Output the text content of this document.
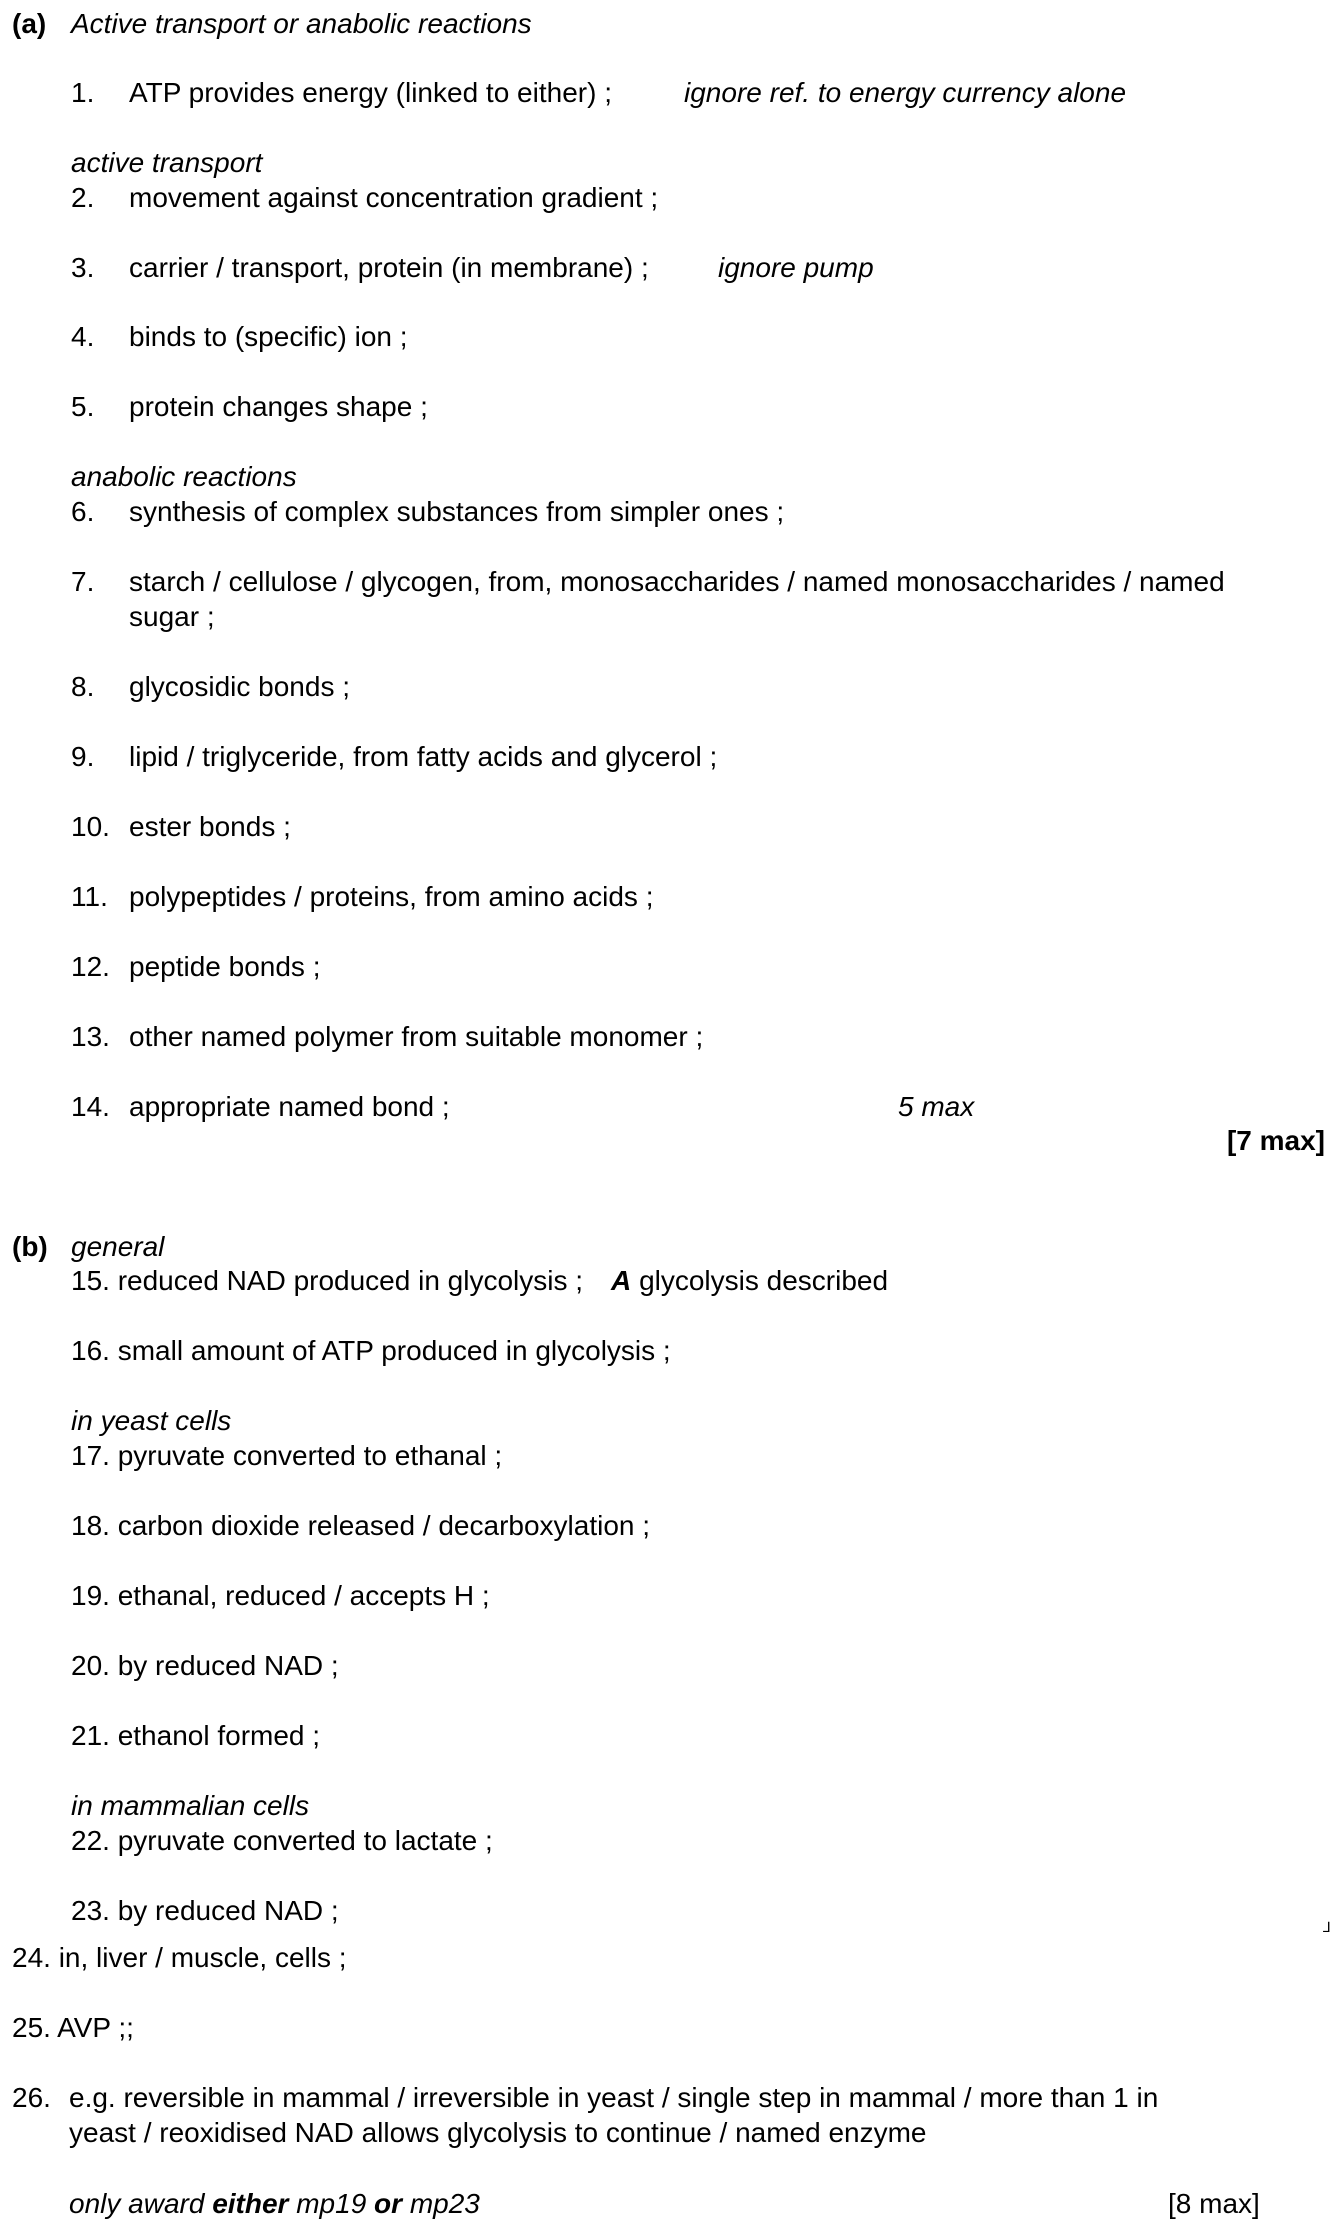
(a) Active transport or anabolic reactions
1. ATP provides energy (linked to either) ;	ignore ref. to energy currency alone
active transport
2. movement against concentration gradient ;
3. carrier / transport, protein (in membrane) ; ignore pump
4. binds to (specific) ion ;
5. protein changes shape ;
anabolic reactions
6. synthesis of complex substances from simpler ones ;
7. starch / cellulose / glycogen, from, monosaccharides / named monosaccharides / named
sugar ;
8. glycosidic bonds ;
9. lipid / triglyceride, from fatty acids and glycerol ;
10. ester bonds ;
11. polypeptides / proteins, from amino acids ;
12. peptide bonds ;
13. other named polymer from suitable monomer ;
14. appropriate named bond ;	5 max
[7 max]
(b) general
15. reduced NAD produced in glycolysis ; A glycolysis described
16. small amount of ATP produced in glycolysis ;
in yeast cells
17. pyruvate converted to ethanal ;
18. carbon dioxide released / decarboxylation ;
19. ethanal, reduced / accepts H ;
20. by reduced NAD ;
21. ethanol formed ;
in mammalian cells
22. pyruvate converted to lactate ;
23. by reduced NAD ;
⅃
24. in, liver / muscle, cells ;
25. AVP ;;
26. e.g. reversible in mammal / irreversible in yeast / single step in mammal / more than 1 in
yeast / reoxidised NAD allows glycolysis to continue / named enzyme
only award either mp19 or mp23	[8 max]
